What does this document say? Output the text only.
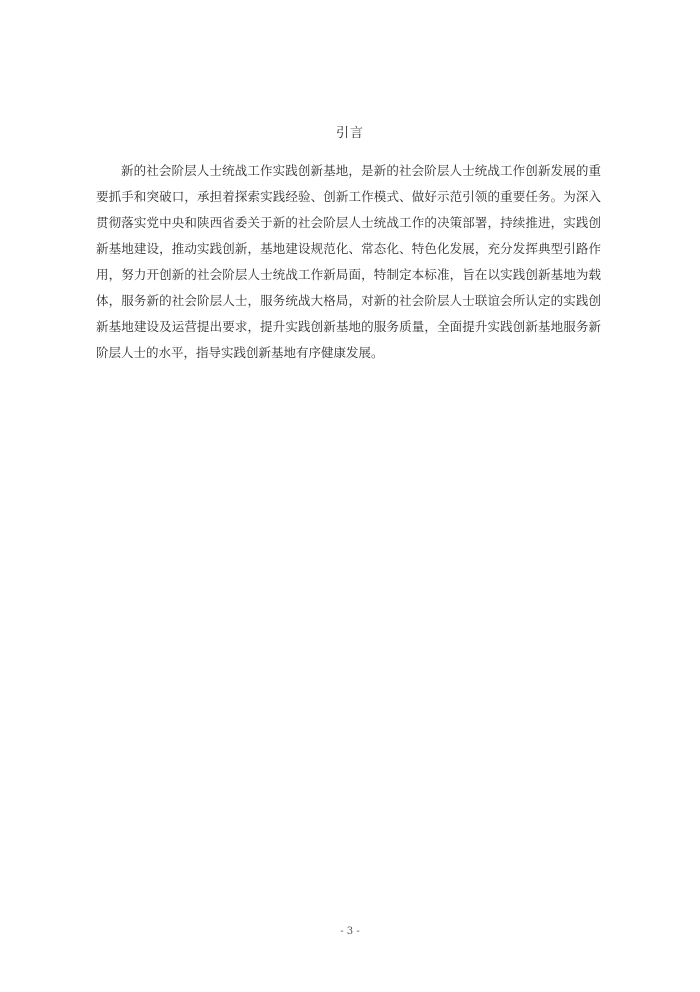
引言

新的社会阶层人士统战工作实践创新基地，是新的社会阶层人士统战工作创新发展的重要抓手和突破口，承担着探索实践经验、创新工作模式、做好示范引领的重要任务。为深入贯彻落实党中央和陕西省委关于新的社会阶层人士统战工作的决策部署，持续推进，实践创新基地建设，推动实践创新，基地建设规范化、常态化、特色化发展，充分发挥典型引路作用，努力开创新的社会阶层人士统战工作新局面，特制定本标准，旨在以实践创新基地为载体，服务新的社会阶层人士，服务统战大格局，对新的社会阶层人士联谊会所认定的实践创新基地建设及运营提出要求，提升实践创新基地的服务质量，全面提升实践创新基地服务新阶层人士的水平，指导实践创新基地有序健康发展。

- 3 -
